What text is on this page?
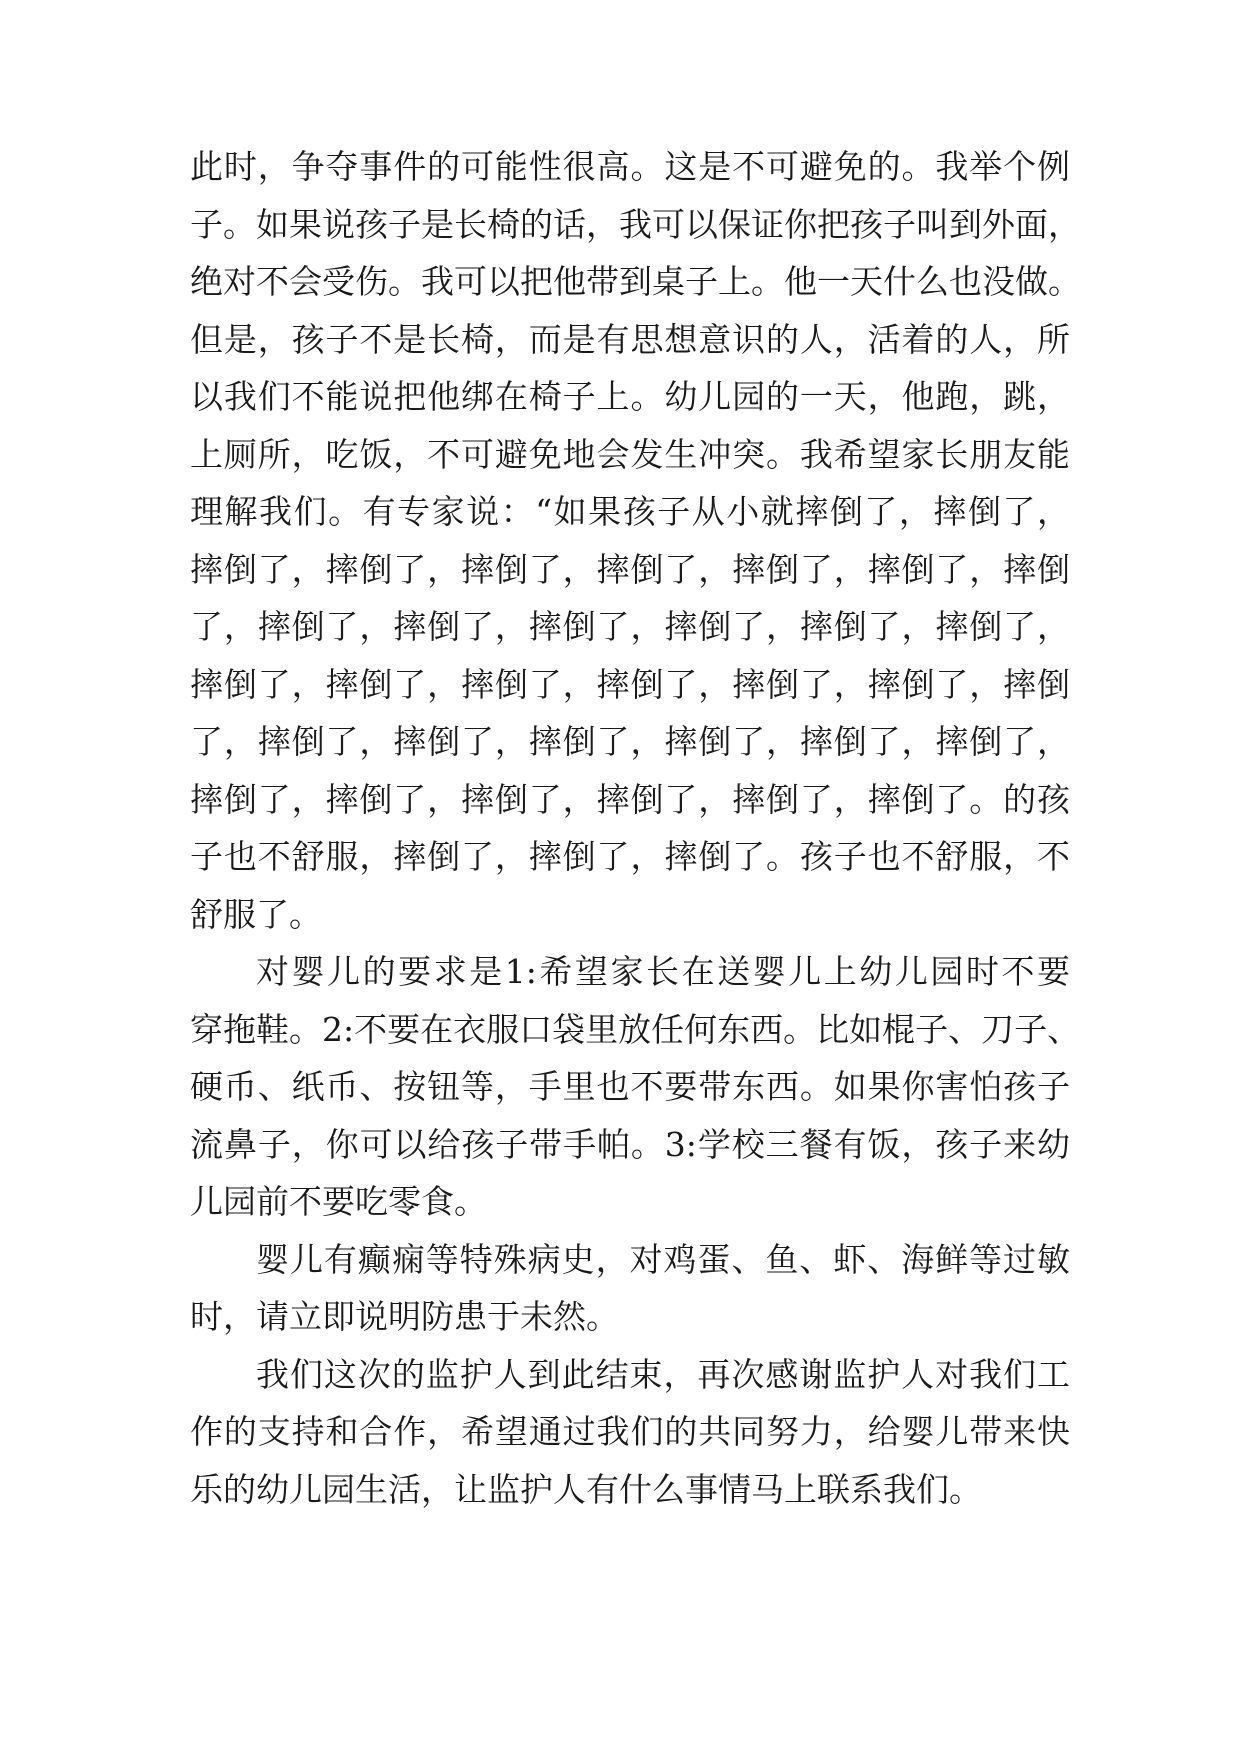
此时，争夺事件的可能性很高。这是不可避免的。我举个例
子。如果说孩子是长椅的话，我可以保证你把孩子叫到外面，
绝对不会受伤。我可以把他带到桌子上。他一天什么也没做。
但是，孩子不是长椅，而是有思想意识的人，活着的人，所
以我们不能说把他绑在椅子上。幼儿园的一天，他跑，跳，
上厕所，吃饭，不可避免地会发生冲突。我希望家长朋友能
理解我们。有专家说：“如果孩子从小就摔倒了，摔倒了，
摔倒了，摔倒了，摔倒了，摔倒了，摔倒了，摔倒了，摔倒
了，摔倒了，摔倒了，摔倒了，摔倒了，摔倒了，摔倒了，
摔倒了，摔倒了，摔倒了，摔倒了，摔倒了，摔倒了，摔倒
了，摔倒了，摔倒了，摔倒了，摔倒了，摔倒了，摔倒了，
摔倒了，摔倒了，摔倒了，摔倒了，摔倒了，摔倒了。的孩
子也不舒服，摔倒了，摔倒了，摔倒了。孩子也不舒服，不
舒服了。
对婴儿的要求是1:希望家长在送婴儿上幼儿园时不要
穿拖鞋。2:不要在衣服口袋里放任何东西。比如棍子、刀子、
硬币、纸币、按钮等，手里也不要带东西。如果你害怕孩子
流鼻子，你可以给孩子带手帕。3:学校三餐有饭，孩子来幼
儿园前不要吃零食。
婴儿有癫痫等特殊病史，对鸡蛋、鱼、虾、海鲜等过敏
时，请立即说明防患于未然。
我们这次的监护人到此结束，再次感谢监护人对我们工
作的支持和合作，希望通过我们的共同努力，给婴儿带来快
乐的幼儿园生活，让监护人有什么事情马上联系我们。
